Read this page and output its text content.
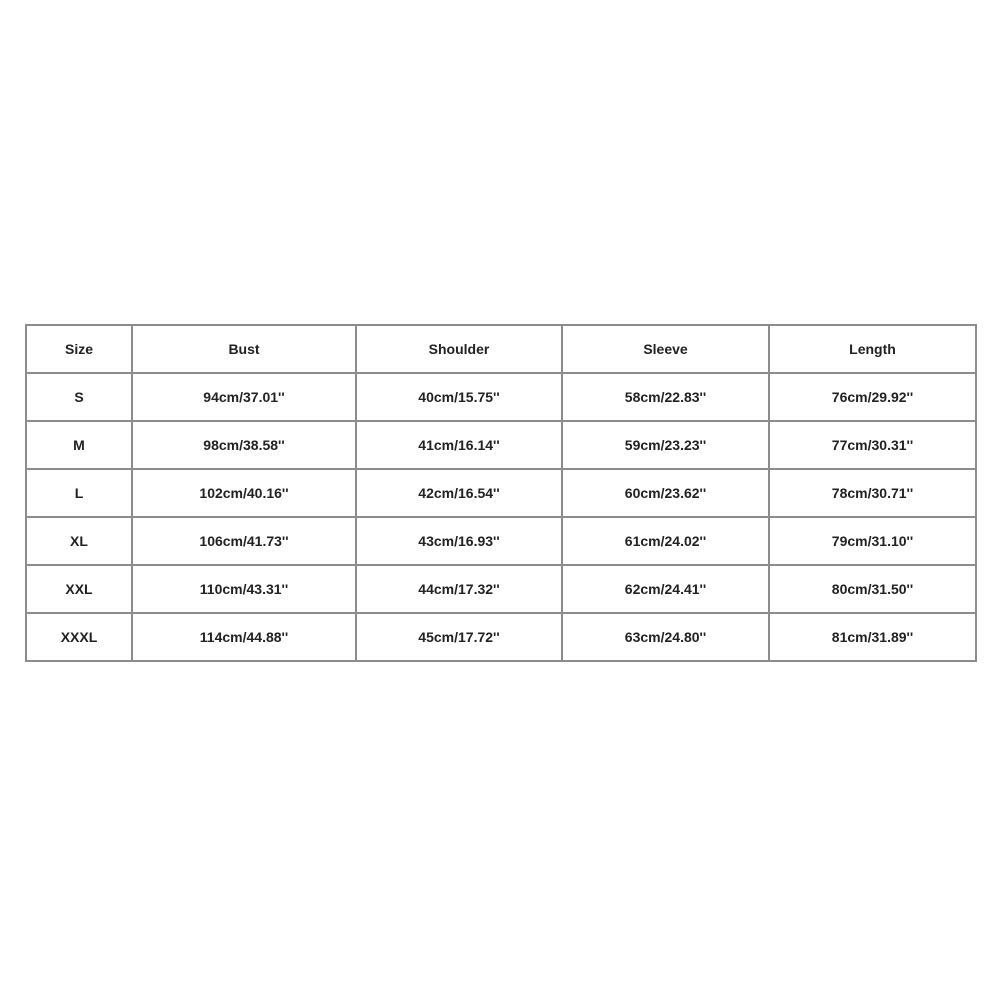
Size	Bust	Shoulder	Sleeve	Length
S	94cm/37.01''	40cm/15.75''	58cm/22.83''	76cm/29.92''
M	98cm/38.58''	41cm/16.14''	59cm/23.23''	77cm/30.31''
L	102cm/40.16''	42cm/16.54''	60cm/23.62''	78cm/30.71''
XL	106cm/41.73''	43cm/16.93''	61cm/24.02''	79cm/31.10''
XXL	110cm/43.31''	44cm/17.32''	62cm/24.41''	80cm/31.50''
XXXL	114cm/44.88''	45cm/17.72''	63cm/24.80''	81cm/31.89''
